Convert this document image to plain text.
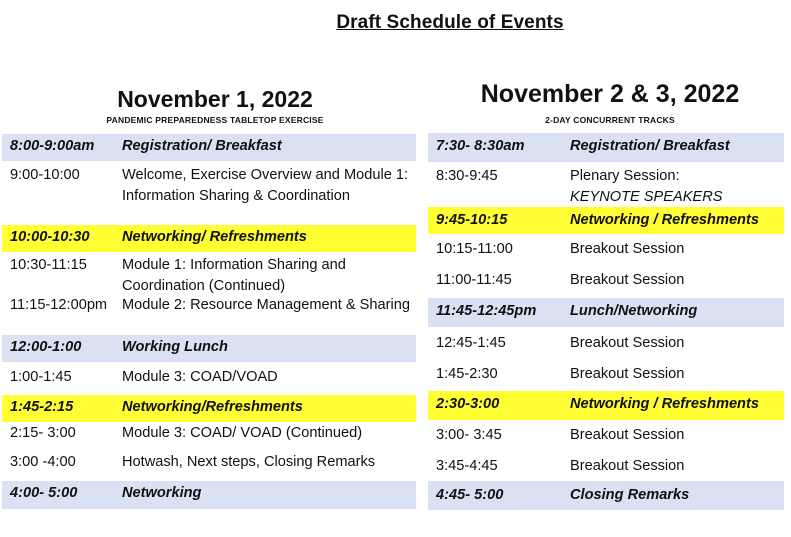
Draft Schedule of Events
November 1, 2022
PANDEMIC PREPAREDNESS TABLETOP EXERCISE
November 2 & 3, 2022
2-DAY CONCURRENT TRACKS
8:00-9:00am	Registration/ Breakfast
9:00-10:00	Welcome, Exercise Overview and Module 1: Information Sharing & Coordination
10:00-10:30	Networking/ Refreshments
10:30-11:15	Module 1: Information Sharing and Coordination (Continued)
11:15-12:00pm	Module 2: Resource Management & Sharing
12:00-1:00	Working Lunch
1:00-1:45	Module 3: COAD/VOAD
1:45-2:15	Networking/Refreshments
2:15- 3:00	Module 3: COAD/ VOAD (Continued)
3:00 -4:00	Hotwash, Next steps, Closing Remarks
4:00- 5:00	Networking
7:30- 8:30am	Registration/ Breakfast
8:30-9:45	Plenary Session:
KEYNOTE SPEAKERS
9:45-10:15	Networking / Refreshments
10:15-11:00	Breakout Session
11:00-11:45	Breakout Session
11:45-12:45pm	Lunch/Networking
12:45-1:45	Breakout Session
1:45-2:30	Breakout Session
2:30-3:00	Networking / Refreshments
3:00- 3:45	Breakout Session
3:45-4:45	Breakout Session
4:45- 5:00	Closing Remarks
